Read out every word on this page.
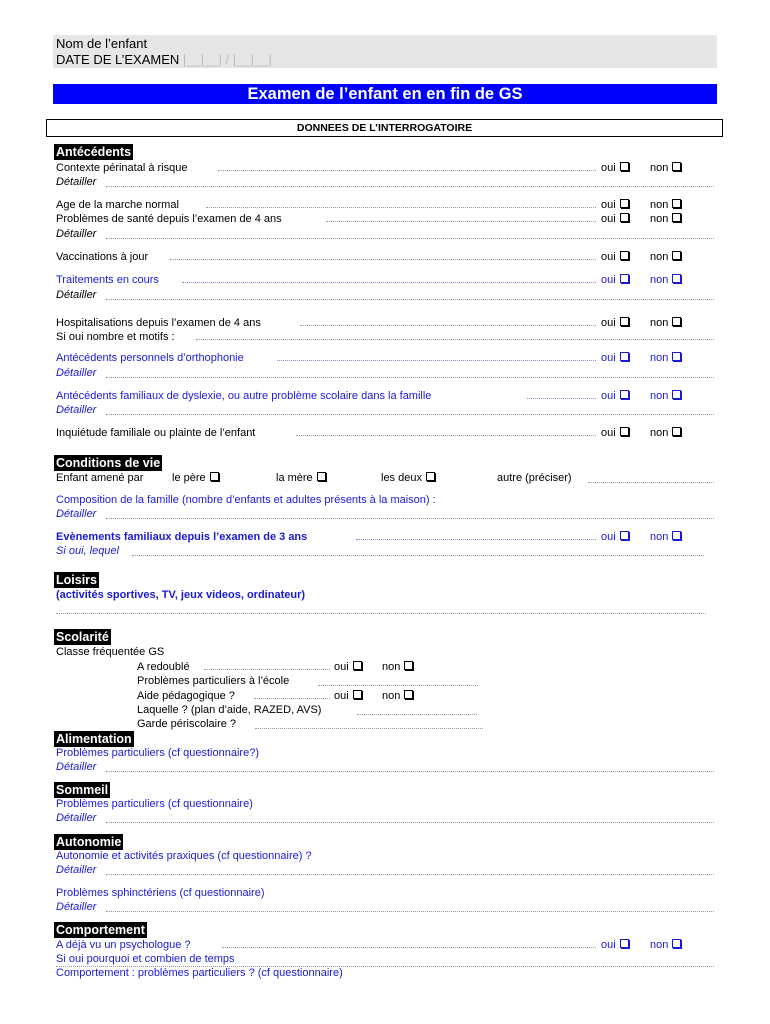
Nom de l’enfant
DATE DE L’EXAMEN |__|__| / |__|__|
Examen de l’enfant en en fin de GS
DONNEES DE L’INTERROGATOIRE
Antécédents
Contexte périnatal à risque	oui	non
Détailler
Age de la marche normal	oui	non
Problèmes de santé depuis l’examen de 4 ans	oui	non
Détailler
Vaccinations à jour	oui	non
Traitements en cours	oui	non
Détailler
Hospitalisations depuis l’examen de 4 ans	oui	non
Si oui nombre et motifs :
Antécédents personnels d’orthophonie	oui	non
Détailler
Antécédents familiaux de dyslexie, ou autre problème scolaire dans la famille	oui	non
Détailler
Inquiétude familiale ou plainte de l’enfant	oui	non
Conditions de vie
Enfant amené par	le père	la mère	les deux	autre (préciser)
Composition de la famille (nombre d’enfants et adultes présents à la maison) :
Détailler
Evènements familiaux depuis l’examen de 3 ans	oui	non
Si oui, lequel
Loisirs
(activités sportives, TV, jeux videos, ordinateur)
Scolarité
Classe fréquentée GS
A redoublé	oui	non
Problèmes particuliers à l’école
Aide pédagogique ?	oui	non
Laquelle ? (plan d’aide, RAZED, AVS)
Garde périscolaire ?
Alimentation
Problèmes particuliers (cf questionnaire?)
Détailler
Sommeil
Problèmes particuliers (cf questionnaire)
Détailler
Autonomie
Autonomie et activités praxiques (cf questionnaire) ?
Détailler
Problèmes sphinctériens (cf questionnaire)
Détailler
Comportement
A déjà vu un psychologue ?	oui	non
Si oui pourquoi et combien de temps
Comportement : problèmes particuliers ? (cf questionnaire)
